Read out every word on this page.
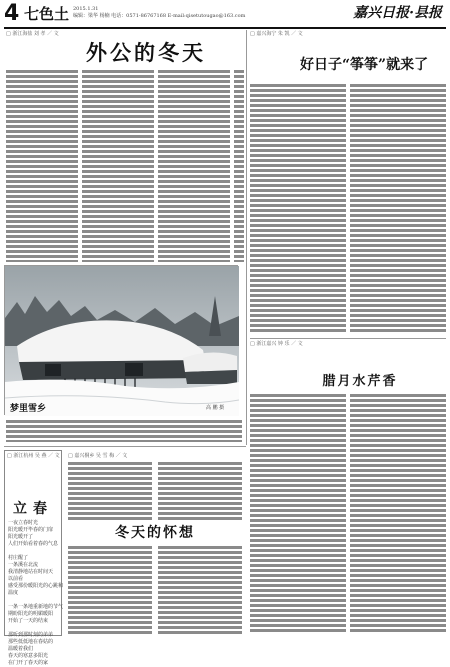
4 七色土 2015.1.31
编辑：梁华 杨楠 电话：0571-86767168 E-mail:qisetutougao@163.com	嘉兴日报·县报
□ 浙江海盐 刘 孝 ／ 文
外公的冬天
□ 嘉兴海宁 朱 凯 ／ 文
好日子“筝筝”就来了
梦里雪乡	高 鹏 摄
□ 浙江嘉兴 钟 乐 ／ 文
腊月水芹香
□ 浙江杭州 吴 燕 ／ 文
立春
一夜立春时光
阳光暖开毕春的门扉
阳光暖开了
人们开始看着春的气息

村庄醒了
一条溪在北流
我清静地站在时间天
以前看
感受那份暖阳光的心跳和
温度

一条一条地重新地的节气
期盼阳光的明媚暖阳
开始了一天的结束

那听到那时刻的弟弟
那些低低地在春姑的
温暖着我们
春天的寒意多阳光
在门开了春天的家
□ 嘉兴桐乡 吴 雪 梅 ／ 文
冬天的怀想
